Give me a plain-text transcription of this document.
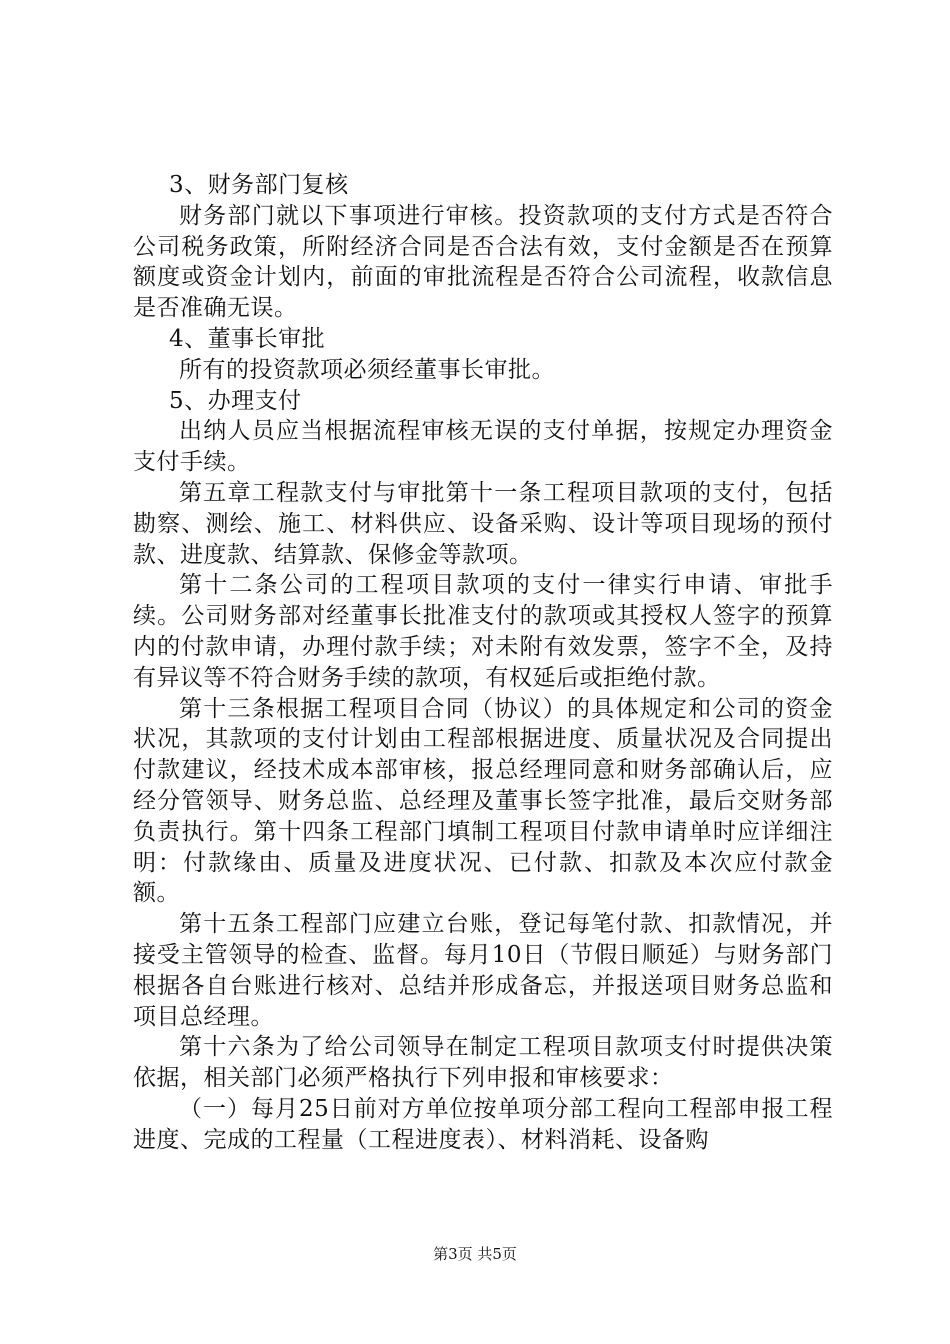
3、财务部门复核

财务部门就以下事项进行审核。投资款项的支付方式是否符合公司税务政策，所附经济合同是否合法有效，支付金额是否在预算额度或资金计划内，前面的审批流程是否符合公司流程，收款信息是否准确无误。

4、董事长审批

所有的投资款项必须经董事长审批。

5、办理支付

出纳人员应当根据流程审核无误的支付单据，按规定办理资金支付手续。

第五章工程款支付与审批第十一条工程项目款项的支付，包括勘察、测绘、施工、材料供应、设备采购、设计等项目现场的预付款、进度款、结算款、保修金等款项。

第十二条公司的工程项目款项的支付一律实行申请、审批手续。公司财务部对经董事长批准支付的款项或其授权人签字的预算内的付款申请，办理付款手续；对未附有效发票，签字不全，及持有异议等不符合财务手续的款项，有权延后或拒绝付款。

第十三条根据工程项目合同（协议）的具体规定和公司的资金状况，其款项的支付计划由工程部根据进度、质量状况及合同提出付款建议，经技术成本部审核，报总经理同意和财务部确认后，应经分管领导、财务总监、总经理及董事长签字批准，最后交财务部负责执行。第十四条工程部门填制工程项目付款申请单时应详细注明：付款缘由、质量及进度状况、已付款、扣款及本次应付款金额。

第十五条工程部门应建立台账，登记每笔付款、扣款情况，并接受主管领导的检查、监督。每月10日（节假日顺延）与财务部门根据各自台账进行核对、总结并形成备忘，并报送项目财务总监和项目总经理。

第十六条为了给公司领导在制定工程项目款项支付时提供决策依据，相关部门必须严格执行下列申报和审核要求：

（一）每月25日前对方单位按单项分部工程向工程部申报工程进度、完成的工程量（工程进度表）、材料消耗、设备购

第3页 共5页
